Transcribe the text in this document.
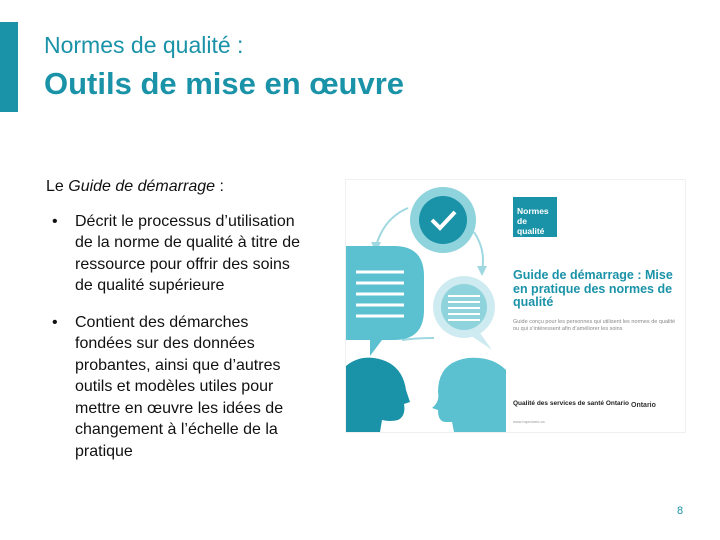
Normes de qualité :
Outils de mise en œuvre

Le Guide de démarrage :

• Décrit le processus d’utilisation de la norme de qualité à titre de ressource pour offrir des soins de qualité supérieure
• Contient des démarches fondées sur des données probantes, ainsi que d’autres outils et modèles utiles pour mettre en œuvre les idées de changement à l’échelle de la pratique
Normes de qualité
Guide de démarrage : Mise en pratique des normes de qualité
Guide conçu pour les personnes qui utilisent les normes de qualité ou qui s’intéressent afin d’améliorer les soins
Qualité des services de santé Ontario
www.hqontario.ca
Ontario
8
